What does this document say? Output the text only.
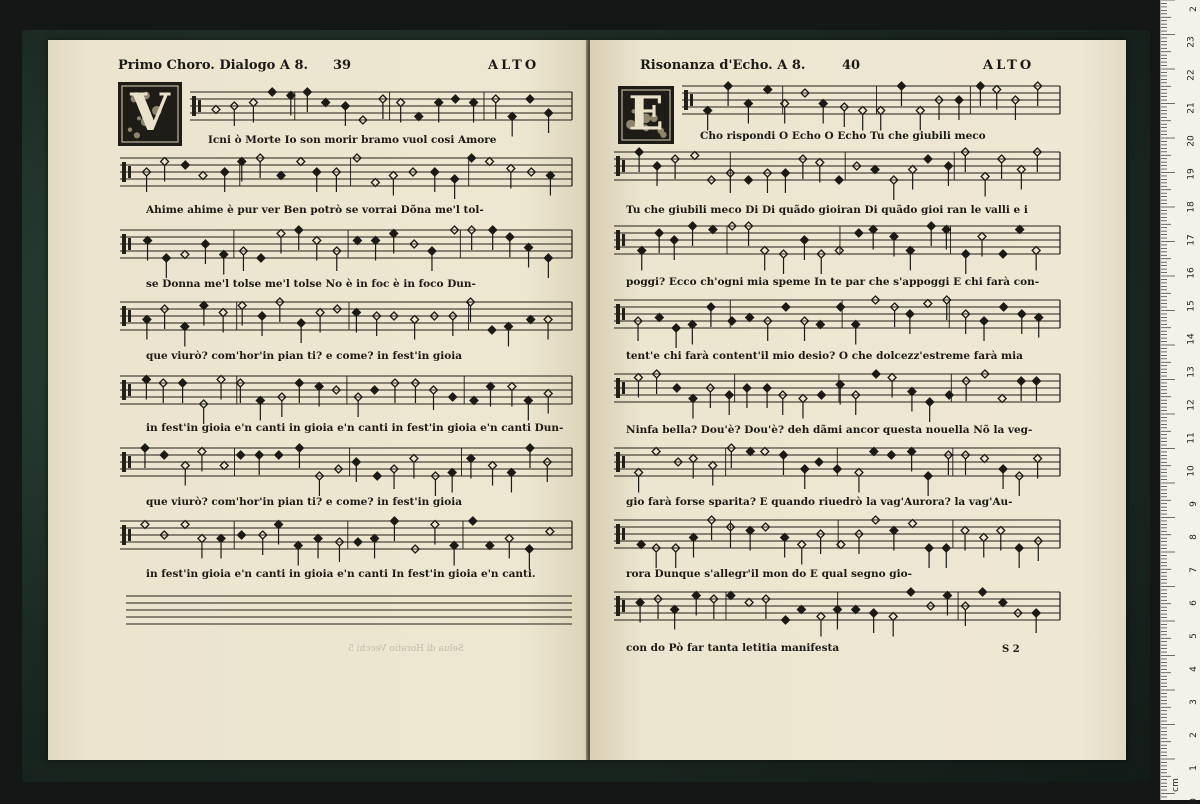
Primo Choro. Dialogo A 8. 39	ALTO
V	Icni ò Morte Io son morir bramo vuol cosi Amore
Ahime ahime è pur ver Ben potrò se vorrai Dõna me'l tol-
se Donna me'l tolse me'l tolse No è in foc è in foco Dun-
que viurò? com'hor'in pian ti? e come? in fest'in gioia
in fest'in gioia e'n canti in gioia e'n canti in fest'in gioia e'n canti Dun-
que viurò? com'hor'in pian ti? e come? in fest'in gioia
in fest'in gioia e'n canti in gioia e'n canti In fest'in gioia e'n canti.
Selua di Horatio Vecchi 5
Risonanza d'Echo. A 8.	40	ALTO
E	Cho rispondi O Echo O Echo Tu che giubili meco
Tu che giubili meco Di Di quãdo gioiran Di quãdo gioi ran le valli e i
poggi? Ecco ch'ogni mia speme In te par che s'appoggi E chi farà con-
tent'e chi farà content'il mio desio? O che dolcezz'estreme farà mia
Ninfa bella? Dou'è? Dou'è? deh dãmi ancor questa nouella Nõ la veg-
gio farà forse sparita? E quando riuedrò la vag'Aurora? la vag'Au-
rora Dunque s'allegr'il mon do E qual segno gio-
con do Pò far tanta letitia manifesta	S 2
2
23
22
21
20
19
18
17
16
15
14
13
12
11
10
9
8
7
6
5
4
3
2
1
0
cm
